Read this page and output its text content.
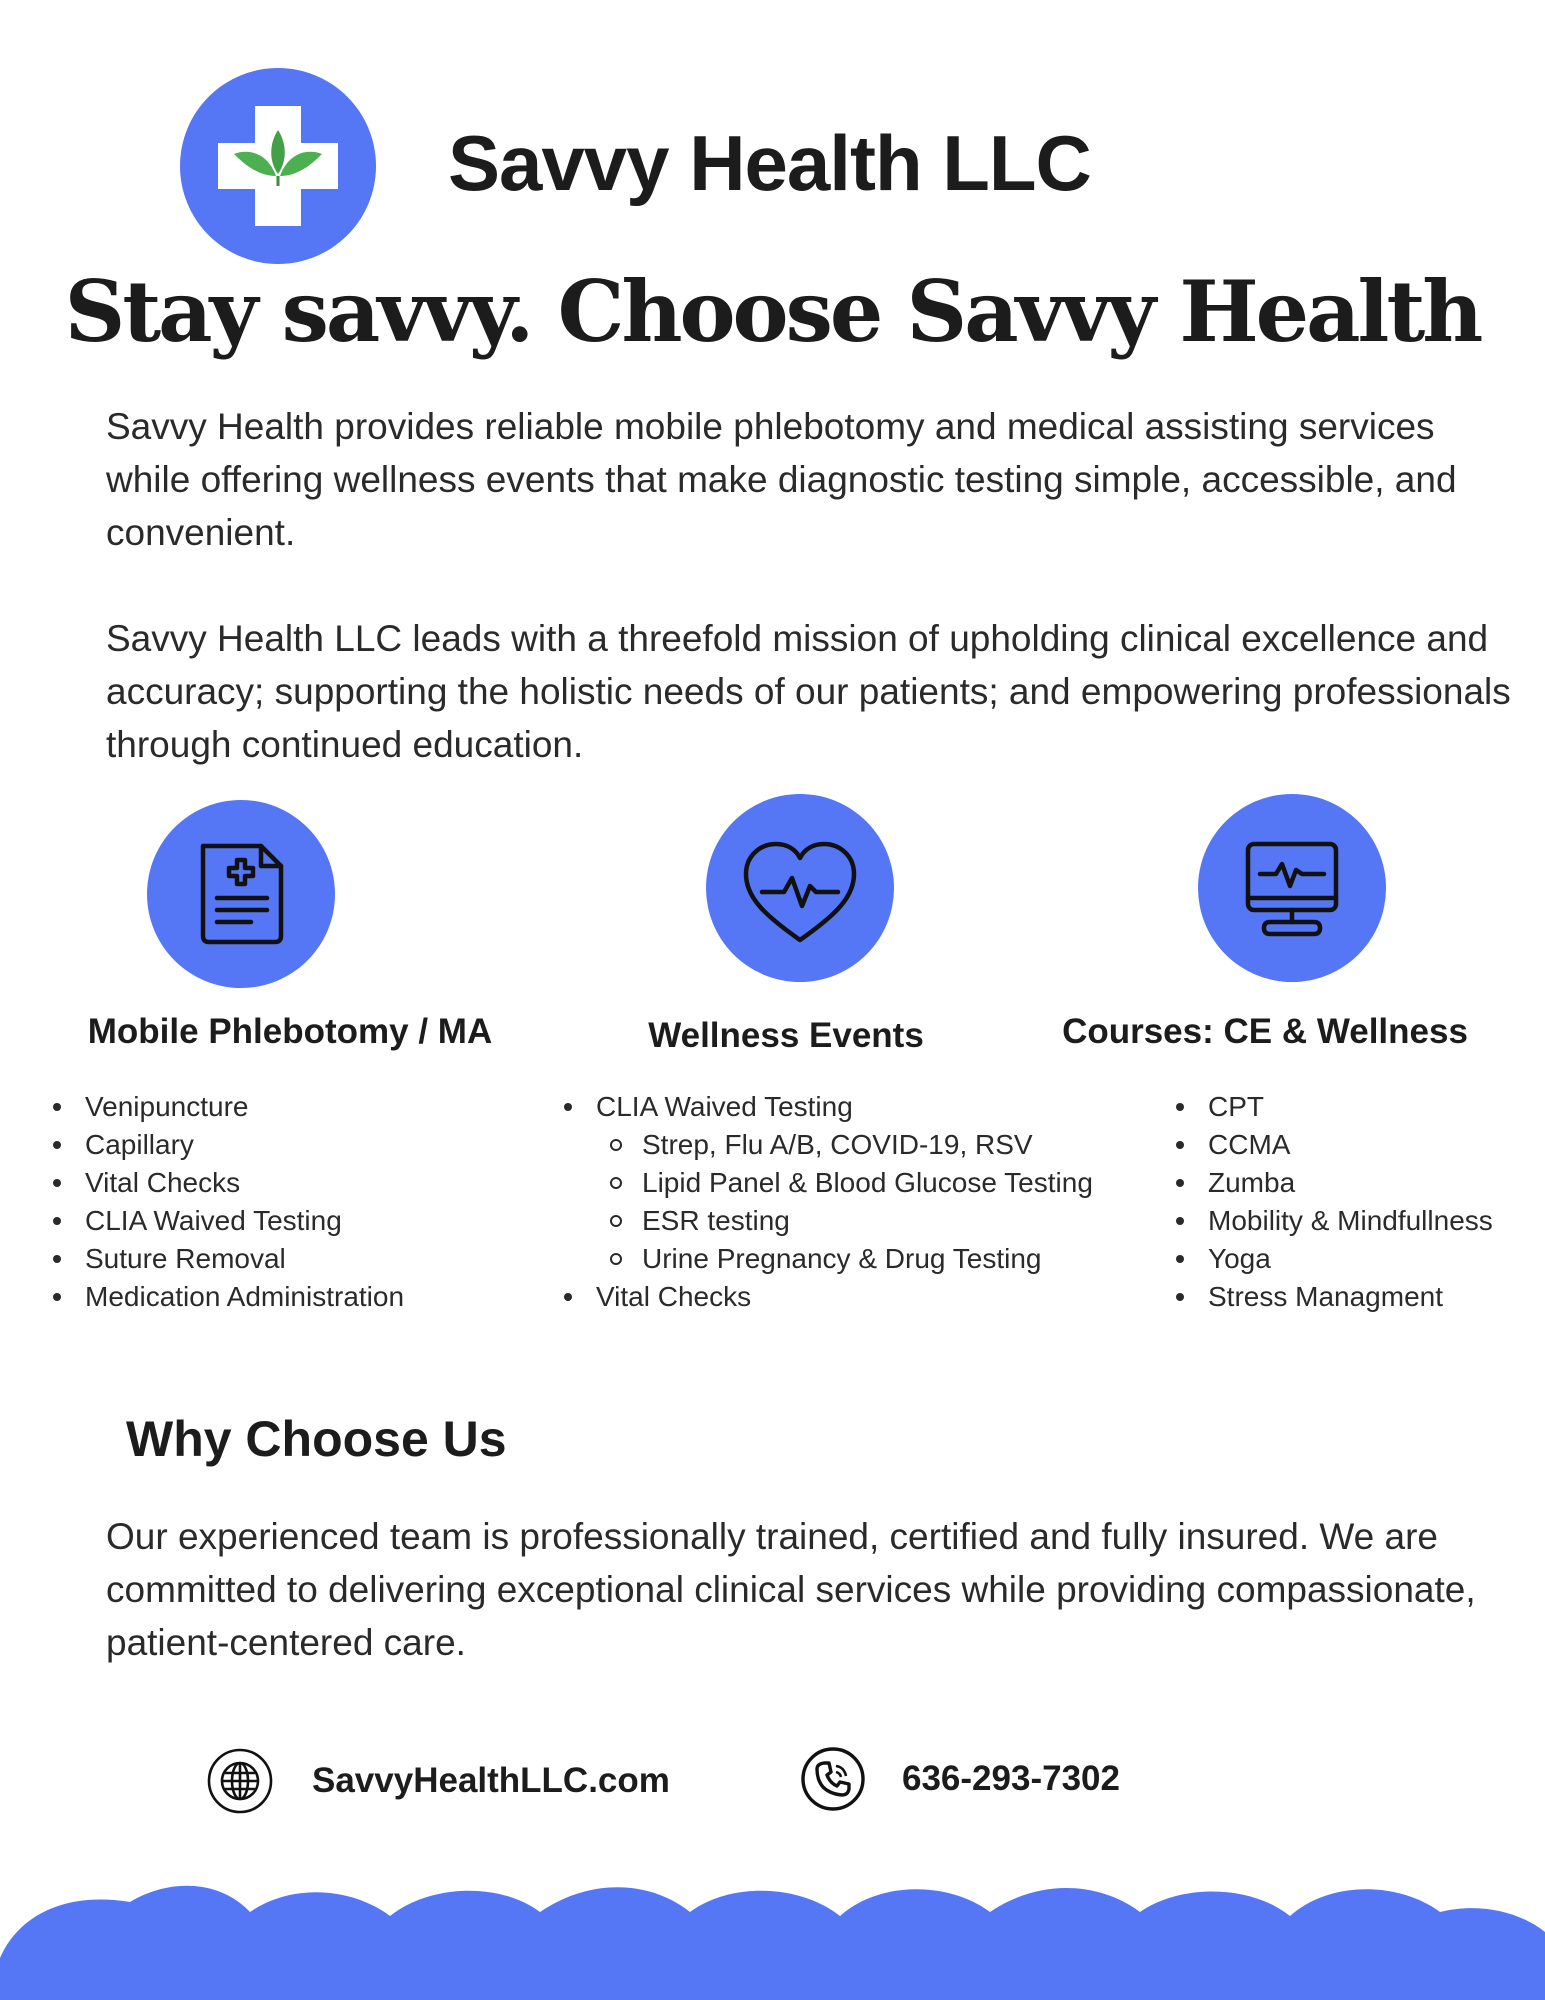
Savvy Health LLC
Stay savvy. Choose Savvy Health
Savvy Health provides reliable mobile phlebotomy and medical assisting services while offering wellness events that make diagnostic testing simple, accessible, and convenient.
Savvy Health LLC leads with a threefold mission of upholding clinical excellence and accuracy; supporting the holistic needs of our patients; and empowering professionals through continued education.
Mobile Phlebotomy / MA	Wellness Events	Courses: CE & Wellness
Venipuncture
Capillary
Vital Checks
CLIA Waived Testing
Suture Removal
Medication Administration
CLIA Waived Testing
Strep, Flu A/B, COVID-19, RSV
Lipid Panel & Blood Glucose Testing
ESR testing
Urine Pregnancy & Drug Testing
Vital Checks
CPT
CCMA
Zumba
Mobility & Mindfullness
Yoga
Stress Managment
Why Choose Us
Our experienced team is professionally trained, certified and fully insured. We are committed to delivering exceptional clinical services while providing compassionate, patient-centered care.
SavvyHealthLLC.com	636-293-7302
